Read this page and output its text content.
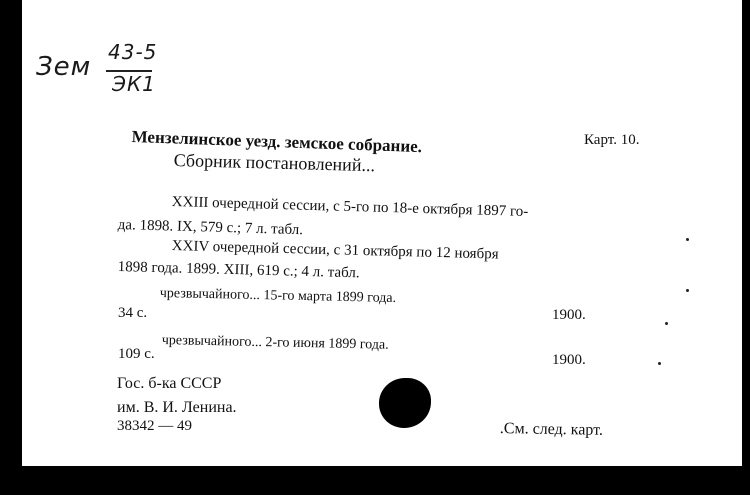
Зем 43-5
ЭК1
Мензелинское уезд. земское собрание.	Карт. 10.
Сборник постановлений...
XXIII очередной сессии, с 5-го по 18-е октября 1897 го-
да. 1898. IX, 579 с.; 7 л. табл.
XXIV очередной сессии, с 31 октября по 12 ноября
1898 года. 1899. XIII, 619 с.; 4 л. табл.
чрезвычайного... 15-го марта 1899 года.
1900.
34 с.
чрезвычайного... 2-го июня 1899 года.
1900.
109 с.
Гос. б-ка СССР
им. В. И. Ленина.
38342 — 49	.См. след. карт.
